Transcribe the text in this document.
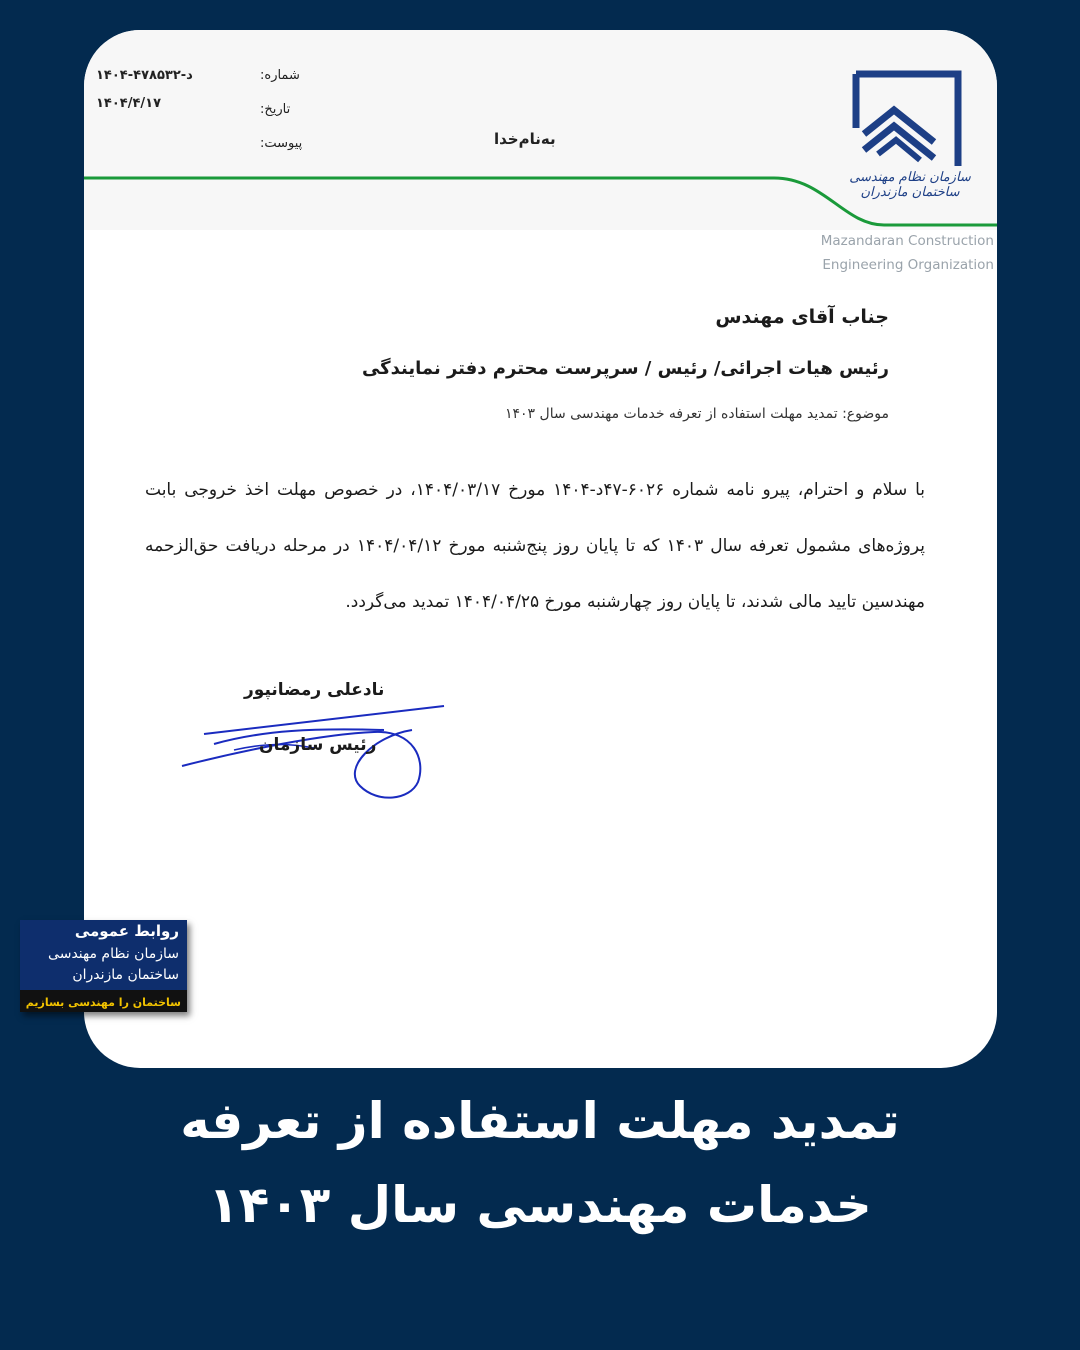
شماره:
۱۴۰۴-۴۷د-۸۵۳۲
تاریخ:
۱۴۰۴/۴/۱۷
پیوست:	به‌نام‌خدا
سازمان نظام مهندسی ساختمان مازندران
Mazandaran Construction
Engineering Organization
جناب آقای مهندس
رئیس هیات اجرائی/ رئیس / سرپرست محترم دفتر نمایندگی
موضوع: تمدید مهلت استفاده از تعرفه خدمات مهندسی سال ۱۴۰۳
با سلام و احترام، پیرو نامه شماره ۶۰۲۶-۴۷د-۱۴۰۴ مورخ ۱۴۰۴/۰۳/۱۷، در خصوص مهلت اخذ خروجی بابت پروژه‌های مشمول تعرفه سال ۱۴۰۳ که تا پایان روز پنج‌شنبه مورخ ۱۴۰۴/۰۴/۱۲ در مرحله دریافت حق‌الزحمه مهندسین تایید مالی شدند، تا پایان روز چهارشنبه مورخ ۱۴۰۴/۰۴/۲۵ تمدید می‌گردد.
نادعلی رمضانپور
رئیس سازمان
روابط عمومی
سازمان نظام مهندسی
ساختمان مازندران
ساختمان را مهندسی بسازیم
تمدید مهلت استفاده از تعرفه
خدمات مهندسی سال ۱۴۰۳
